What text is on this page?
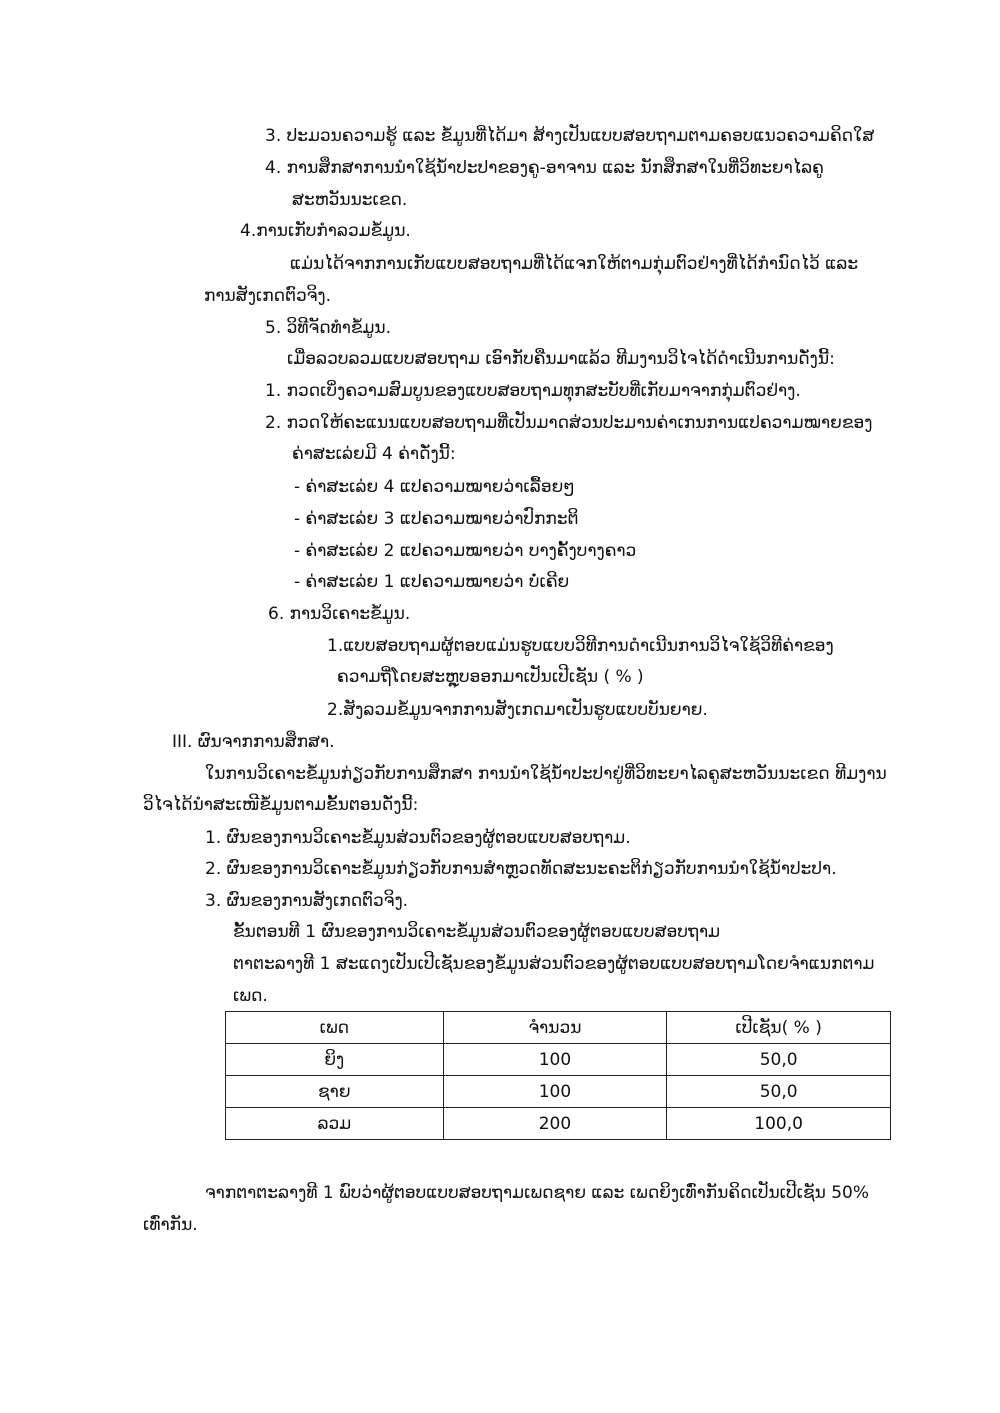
3. ປະມວນຄວາມຮູ້ ແລະ ຂໍ້ມູນທີ່ໄດ້ມາ ສ້າງເປັນແບບສອບຖາມຕາມຄອບແນວຄວາມຄິດໃສ
4. ການສຶກສາການນຳໃຊ້ນ້ຳປະປາຂອງຄູ-ອາຈານ ແລະ ນັກສຶກສາໃນທີ່ວິທະຍາໄລຄູ
ສະຫວັນນະເຂດ.
4.ການເກັບກຳລວມຂໍ້ມູນ.
ແມ່ນໄດ້ຈາກການເກັບແບບສອບຖາມທີ່ໄດ້ແຈກໃຫ້ຕາມກຸ່ມຕົວຢ່າງທີ່ໄດ້ກຳນົດໄວ້ ແລະ
ການສັງເກດຕົວຈິງ.
5. ວິທີຈັດທຳຂໍ້ມູນ.
ເມື່ອລວບລວມແບບສອບຖາມ ເອົາກັບຄືນມາແລ້ວ ທີມງານວິໄຈໄດ້ດຳເນີນການດັ່ງນີ້:
1. ກວດເບິ່ງຄວາມສົມບູນຂອງແບບສອບຖາມທຸກສະບັບທີ່ເກັບມາຈາກກຸ່ມຕົວຢ່າງ.
2. ກວດໃຫ້ຄະແນນແບບສອບຖາມທີ່ເປັນມາດສ່ວນປະມານຄ່າເກນການແປຄວາມໝາຍຂອງ
ຄ່າສະເລ່ຍມີ 4 ຄ່າດັ່ງນີ້:
- ຄ່າສະເລ່ຍ 4 ແປຄວາມໝາຍວ່າເລື້ອຍໆ
- ຄ່າສະເລ່ຍ 3 ແປຄວາມໝາຍວ່າປົກກະຕິ
- ຄ່າສະເລ່ຍ 2 ແປຄວາມໝາຍວ່າ ບາງຄັ້ງບາງຄາວ
- ຄ່າສະເລ່ຍ 1 ແປຄວາມໝາຍວ່າ ບໍ່ເຄີຍ
6. ການວິເຄາະຂໍ້ມູນ.
1.ແບບສອບຖາມຜູ້ຕອບແມ່ນຮູບແບບວິທີການດຳເນີນການວິໄຈໃຊ້ວິທີຄ່າຂອງ
ຄວາມຖີ່ໂດຍສະຫຼຸບອອກມາເປັນເປີເຊັນ ( % )
2.ສັງລວມຂໍ້ມູນຈາກການສັງເກດມາເປັນຮູບແບບບັນຍາຍ.
III. ຜົນຈາກການສຶກສາ.
ໃນການວິເຄາະຂໍ້ມູນກ່ຽວກັບການສຶກສາ ການນຳໃຊ້ນ້ຳປະປາຢູ່ທີ່ວິທະຍາໄລຄູສະຫວັນນະເຂດ ທີມງານ
ວິໄຈໄດ້ນຳສະເໜີຂໍ້ມູນຕາມຂັ້ນຕອນດັ່ງນີ້:
1. ຜົນຂອງການວິເຄາະຂໍ້ມູນສ່ວນຕົວຂອງຜູ້ຕອບແບບສອບຖາມ.
2. ຜົນຂອງການວິເຄາະຂໍ້ມູນກ່ຽວກັບການສຳຫຼວດທັດສະນະຄະຕິກ່ຽວກັບການນຳໃຊ້ນ້ຳປະປາ.
3. ຜົນຂອງການສັງເກດຕົວຈິງ.
ຂັ້ນຕອນທີ 1 ຜົນຂອງການວິເຄາະຂໍ້ມູນສ່ວນຕົວຂອງຜູ້ຕອບແບບສອບຖາມ
ຕາຕະລາງທີ 1 ສະແດງເປັນເປີເຊັນຂອງຂໍ້ມູນສ່ວນຕົວຂອງຜູ້ຕອບແບບສອບຖາມໂດຍຈຳແນກຕາມ
ເພດ.
ເພດ	ຈຳນວນ	ເປີເຊັນ( % )
ຍິງ	100	50,0
ຊາຍ	100	50,0
ລວມ	200	100,0
ຈາກຕາຕະລາງທີ 1 ພົບວ່າຜູ້ຕອບແບບສອບຖາມເພດຊາຍ ແລະ ເພດຍິງເທົ່າກັນຄິດເປັນເປີເຊັນ 50%
ເທົ່າກັນ.
